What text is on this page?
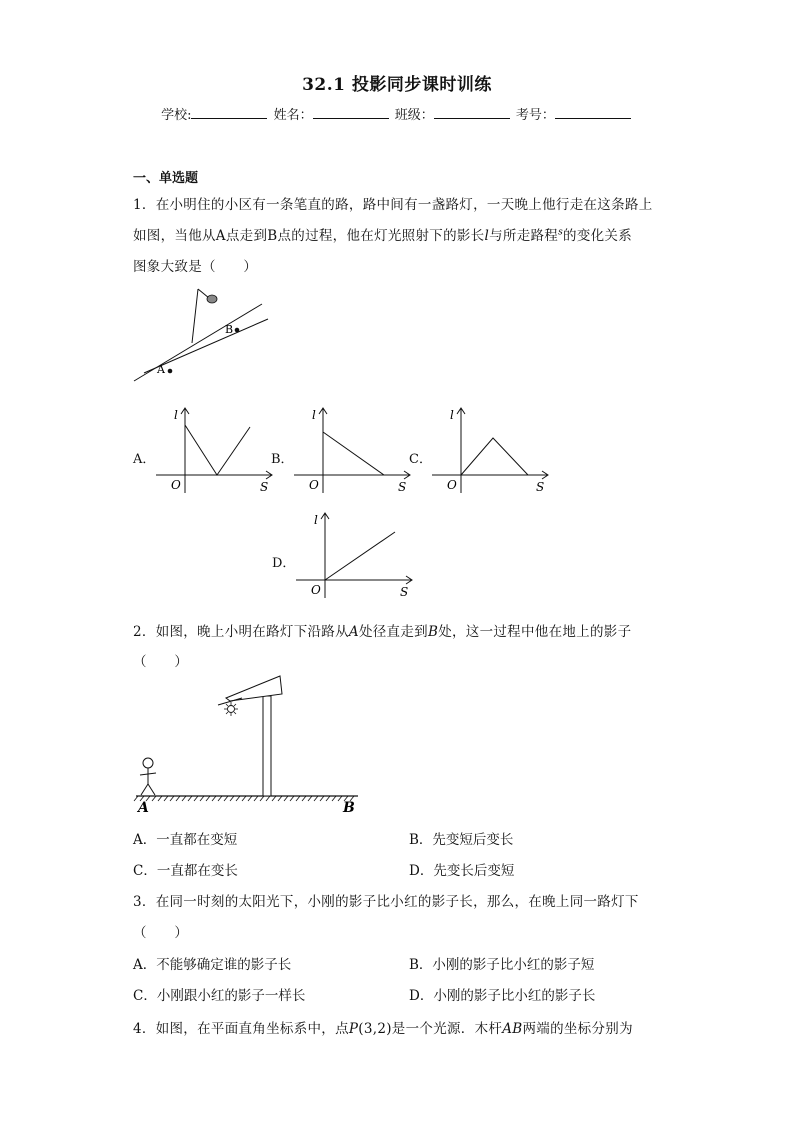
32.1 投影同步课时训练
学校:	姓名：	班级：	考号：
一、单选题
1．在小明住的小区有一条笔直的路，路中间有一盏路灯，一天晚上他行走在这条路上
如图，当他从A点走到B点的过程，他在灯光照射下的影长l与所走路程$^s$的变化关系
图象大致是（　　）
B
A
A．	B．	C．
D．
l
O	S
l
O	S
l
O	S
l
O	S
2．如图，晚上小明在路灯下沿路从A处径直走到B处，这一过程中他在地上的影子
（　　）
A	B
A．一直都在变短	B．先变短后变长
C．一直都在变长	D．先变长后变短
3．在同一时刻的太阳光下，小刚的影子比小红的影子长，那么，在晚上同一路灯下
（　　）
A．不能够确定谁的影子长	B．小刚的影子比小红的影子短
C．小刚跟小红的影子一样长	D．小刚的影子比小红的影子长
4．如图，在平面直角坐标系中，点P(3,2)是一个光源．木杆AB两端的坐标分别为
